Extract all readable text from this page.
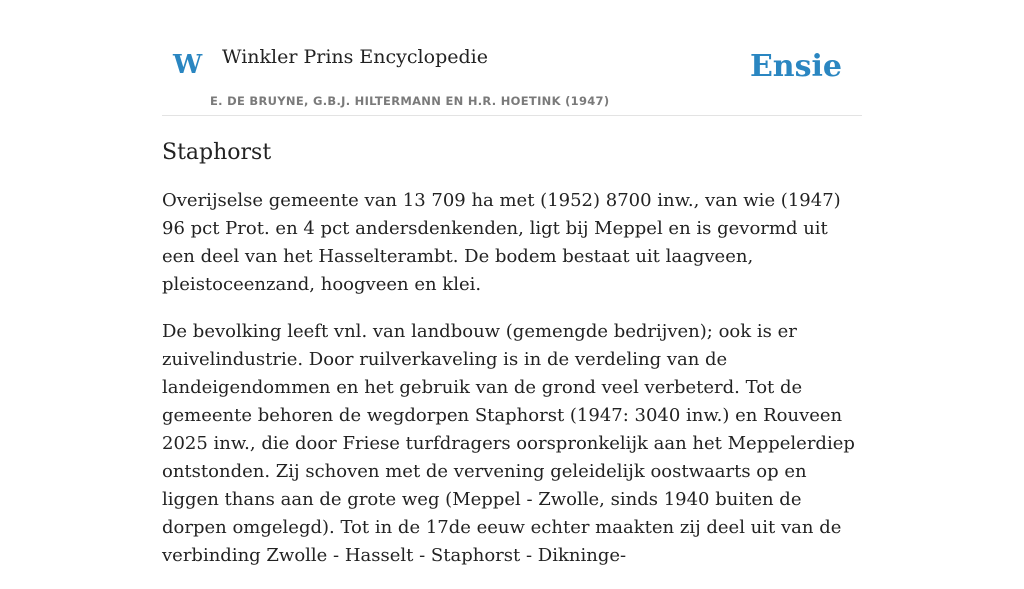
W Winkler Prins Encyclopedie
E. DE BRUYNE, G.B.J. HILTERMANN EN H.R. HOETINK (1947)
Ensie
Staphorst

Overijselse gemeente van 13 709 ha met (1952) 8700 inw., van wie (1947) 96 pct Prot. en 4 pct andersdenkenden, ligt bij Meppel en is gevormd uit een deel van het Hasselterambt. De bodem bestaat uit laagveen, pleistoceenzand, hoogveen en klei.

De bevolking leeft vnl. van landbouw (gemengde bedrijven); ook is er zuivelindustrie. Door ruilverkaveling is in de verdeling van de landeigendommen en het gebruik van de grond veel verbeterd. Tot de gemeente behoren de wegdorpen Staphorst (1947: 3040 inw.) en Rouveen 2025 inw., die door Friese turfdragers oorspronkelijk aan het Meppelerdiep ontstonden. Zij schoven met de vervening geleidelijk oostwaarts op en liggen thans aan de grote weg (Meppel - Zwolle, sinds 1940 buiten de dorpen omgelegd). Tot in de 17de eeuw echter maakten zij deel uit van de verbinding Zwolle - Hasselt - Staphorst - Dikninge-
